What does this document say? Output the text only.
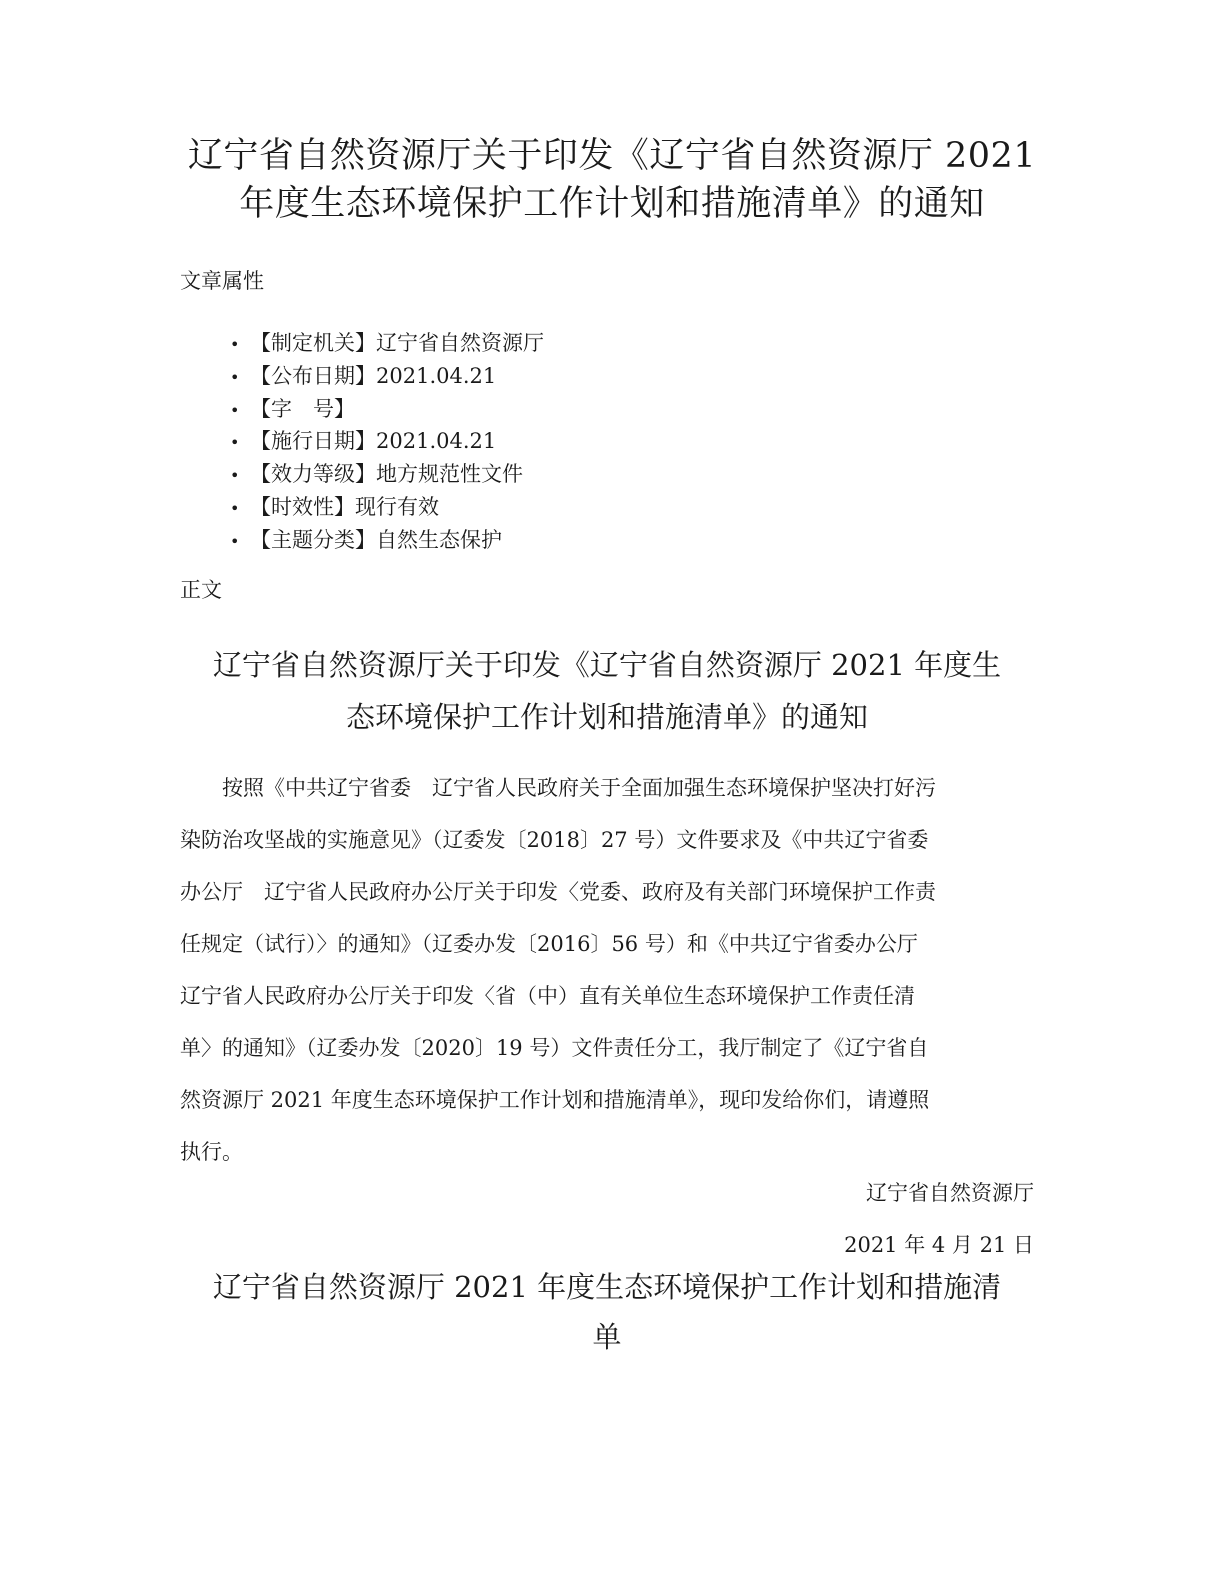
辽宁省自然资源厅关于印发《辽宁省自然资源厅 2021
年度生态环境保护工作计划和措施清单》的通知

文章属性

• 【制定机关】辽宁省自然资源厅
• 【公布日期】2021.04.21
• 【字　号】
• 【施行日期】2021.04.21
• 【效力等级】地方规范性文件
• 【时效性】现行有效
• 【主题分类】自然生态保护

正文

辽宁省自然资源厅关于印发《辽宁省自然资源厅 2021 年度生
态环境保护工作计划和措施清单》的通知
　　按照《中共辽宁省委　辽宁省人民政府关于全面加强生态环境保护坚决打好污
染防治攻坚战的实施意见》（辽委发〔2018〕27 号）文件要求及《中共辽宁省委
办公厅　辽宁省人民政府办公厅关于印发〈党委、政府及有关部门环境保护工作责
任规定（试行）〉的通知》（辽委办发〔2016〕56 号）和《中共辽宁省委办公厅
辽宁省人民政府办公厅关于印发〈省（中）直有关单位生态环境保护工作责任清
单〉的通知》（辽委办发〔2020〕19 号）文件责任分工，我厅制定了《辽宁省自
然资源厅 2021 年度生态环境保护工作计划和措施清单》，现印发给你们，请遵照
执行。

辽宁省自然资源厅

2021 年 4 月 21 日

辽宁省自然资源厅 2021 年度生态环境保护工作计划和措施清
单
